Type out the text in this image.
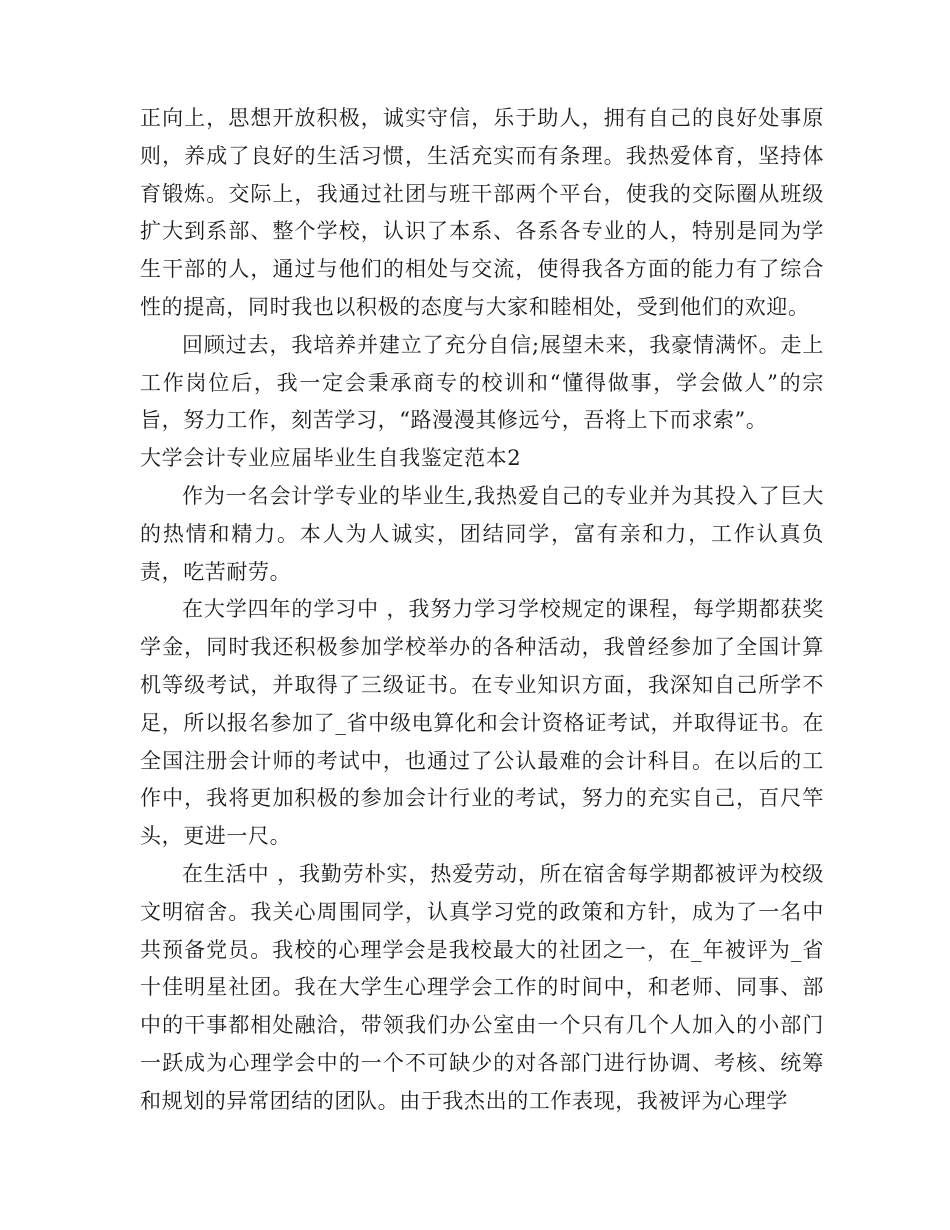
正向上，思想开放积极，诚实守信，乐于助人，拥有自己的良好处事原则，养成了良好的生活习惯，生活充实而有条理。我热爱体育，坚持体育锻炼。交际上，我通过社团与班干部两个平台，使我的交际圈从班级扩大到系部、整个学校，认识了本系、各系各专业的人，特别是同为学生干部的人，通过与他们的相处与交流，使得我各方面的能力有了综合性的提高，同时我也以积极的态度与大家和睦相处，受到他们的欢迎。

回顾过去，我培养并建立了充分自信;展望未来，我豪情满怀。走上工作岗位后，我一定会秉承商专的校训和“懂得做事，学会做人”的宗旨，努力工作，刻苦学习，“路漫漫其修远兮，吾将上下而求索”。

大学会计专业应届毕业生自我鉴定范本2

作为一名会计学专业的毕业生,我热爱自己的专业并为其投入了巨大的热情和精力。本人为人诚实，团结同学，富有亲和力，工作认真负责，吃苦耐劳。

在大学四年的学习中 ，我努力学习学校规定的课程，每学期都获奖学金，同时我还积极参加学校举办的各种活动，我曾经参加了全国计算机等级考试，并取得了三级证书。在专业知识方面，我深知自己所学不足，所以报名参加了_省中级电算化和会计资格证考试，并取得证书。在全国注册会计师的考试中，也通过了公认最难的会计科目。在以后的工作中，我将更加积极的参加会计行业的考试，努力的充实自己，百尺竿头，更进一尺。

在生活中 ，我勤劳朴实，热爱劳动，所在宿舍每学期都被评为校级文明宿舍。我关心周围同学，认真学习党的政策和方针，成为了一名中共预备党员。我校的心理学会是我校最大的社团之一，在_年被评为_省十佳明星社团。我在大学生心理学会工作的时间中，和老师、同事、部中的干事都相处融洽，带领我们办公室由一个只有几个人加入的小部门一跃成为心理学会中的一个不可缺少的对各部门进行协调、考核、统筹和规划的异常团结的团队。由于我杰出的工作表现，我被评为心理学
